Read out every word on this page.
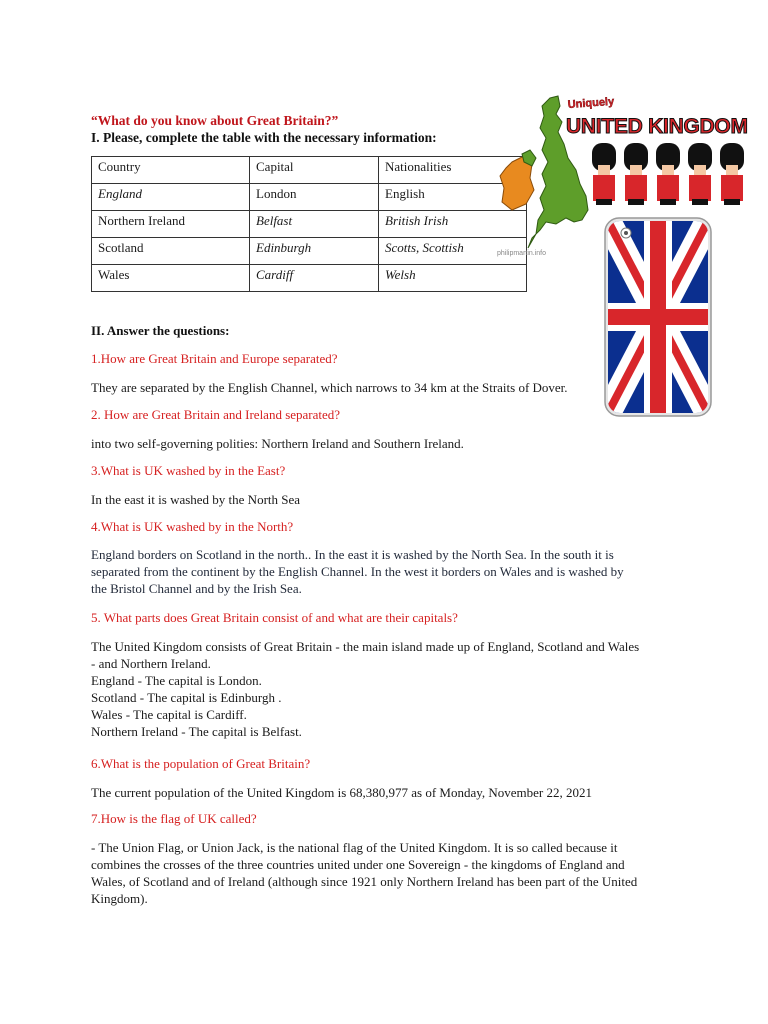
“What do you know about Great Britain?”
I. Please, complete the table with the necessary information:
Country	Capital	Nationalities
England	London	English
Northern Ireland	Belfast	British Irish
Scotland	Edinburgh	Scotts, Scottish
Wales	Cardiff	Welsh
II. Answer the questions:
1.How are Great Britain and Europe separated?
They are separated by the English Channel, which narrows to 34 km at the Straits of Dover.
2. How are Great Britain and Ireland separated?
into two self-governing polities: Northern Ireland and Southern Ireland.
3.What is UK washed by in the East?
In the east it is washed by the North Sea
4.What is UK washed by in the North?
England borders on Scotland in the north.. In the east it is washed by the North Sea. In the south it is
separated from the continent by the English Channel. In the west it borders on Wales and is washed by
the Bristol Channel and by the Irish Sea.
5. What parts does Great Britain consist of and what are their capitals?
The United Kingdom consists of Great Britain - the main island made up of England, Scotland and Wales
- and Northern Ireland.
England - The capital is London.
Scotland - The capital is Edinburgh .
Wales - The capital is Cardiff.
Northern Ireland - The capital is Belfast.
6.What is the population of Great Britain?
The current population of the United Kingdom is 68,380,977 as of Monday, November 22, 2021
7.How is the flag of UK called?
- The Union Flag, or Union Jack, is the national flag of the United Kingdom. It is so called because it
combines the crosses of the three countries united under one Sovereign - the kingdoms of England and
Wales, of Scotland and of Ireland (although since 1921 only Northern Ireland has been part of the United
Kingdom).
philipmartin.info
Uniquely
UNITED KINGDOM
